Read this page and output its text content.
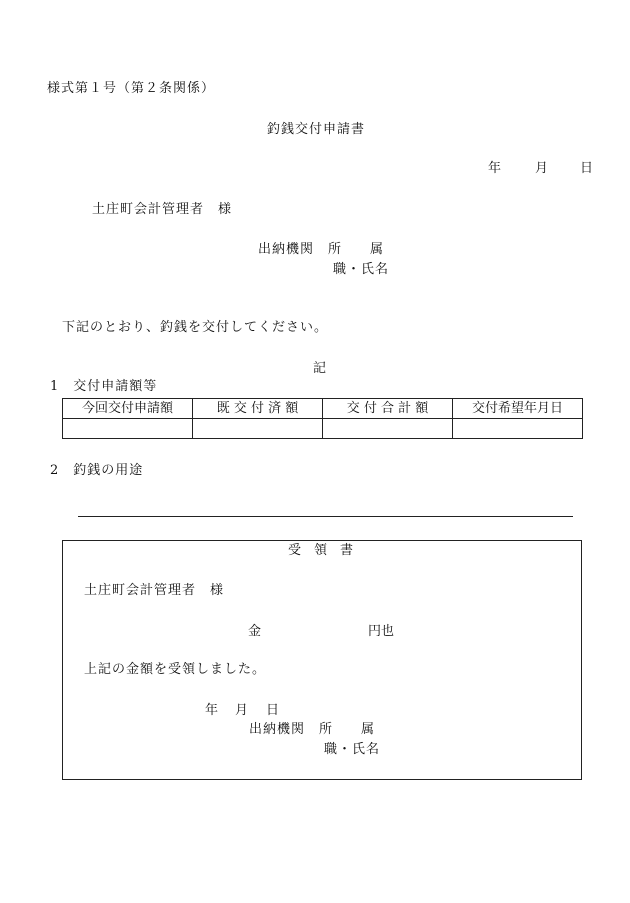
様式第１号（第２条関係）
釣銭交付申請書
年	月 日
土庄町会計管理者　様
出納機関　所　　属
職・氏名
下記のとおり、釣銭を交付してください。
記
1　交付申請額等
今回交付申請額	既 交 付 済 額	交 付 合 計 額	交付希望年月日

2　釣銭の用途
受　領　書
土庄町会計管理者　様
金	円也
上記の金額を受領しました。
年 月 日
出納機関　所　　属
職・氏名
